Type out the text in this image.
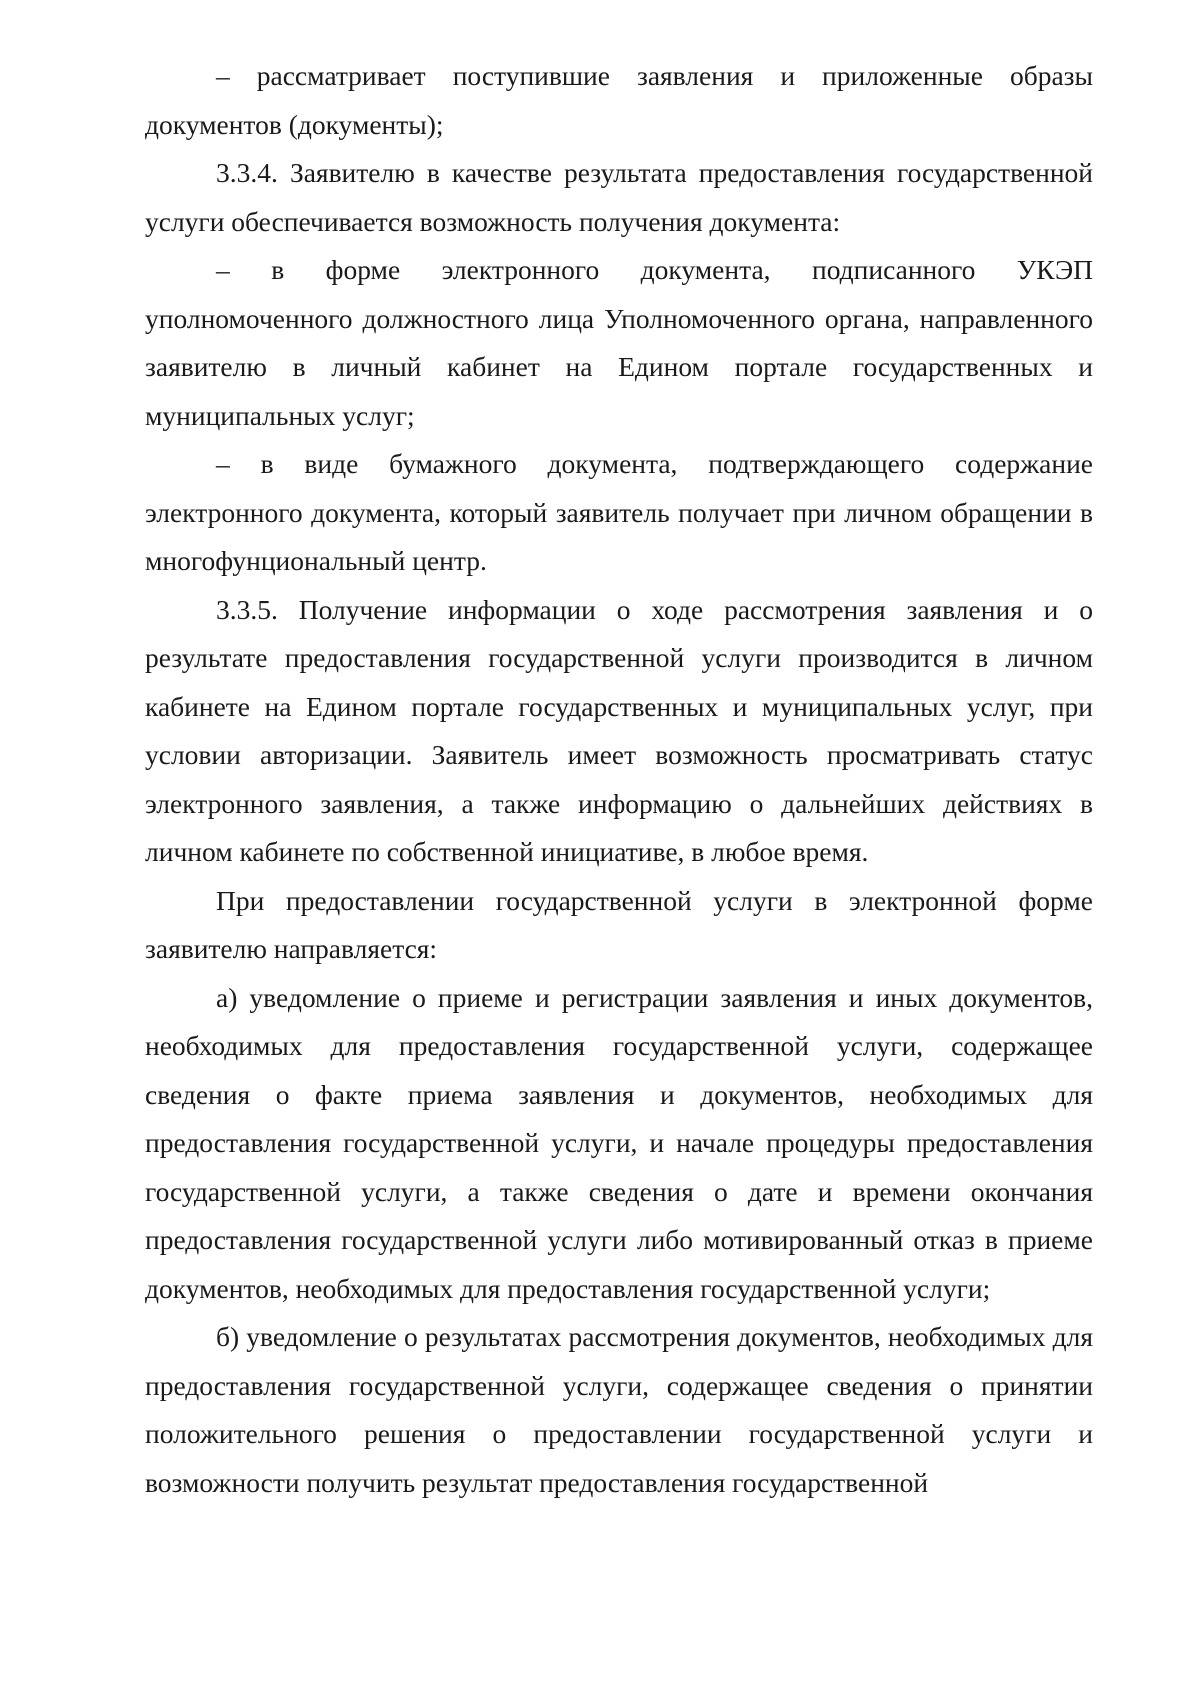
– рассматривает поступившие заявления и приложенные образы документов (документы);

3.3.4. Заявителю в качестве результата предоставления государственной услуги обеспечивается возможность получения документа:

– в форме электронного документа, подписанного УКЭП уполномоченного должностного лица Уполномоченного органа, направленного заявителю в личный кабинет на Едином портале государственных и муниципальных услуг;

– в виде бумажного документа, подтверждающего содержание электронного документа, который заявитель получает при личном обращении в многофунциональный центр.

3.3.5. Получение информации о ходе рассмотрения заявления и о результате предоставления государственной услуги производится в личном кабинете на Едином портале государственных и муниципальных услуг, при условии авторизации. Заявитель имеет возможность просматривать статус электронного заявления, а также информацию о дальнейших действиях в личном кабинете по собственной инициативе, в любое время.

При предоставлении государственной услуги в электронной форме заявителю направляется:

а) уведомление о приеме и регистрации заявления и иных документов, необходимых для предоставления государственной услуги, содержащее сведения о факте приема заявления и документов, необходимых для предоставления государственной услуги, и начале процедуры предоставления государственной услуги, а также сведения о дате и времени окончания предоставления государственной услуги либо мотивированный отказ в приеме документов, необходимых для предоставления государственной услуги;

б) уведомление о результатах рассмотрения документов, необходимых для предоставления государственной услуги, содержащее сведения о принятии положительного решения о предоставлении государственной услуги и возможности получить результат предоставления государственной
